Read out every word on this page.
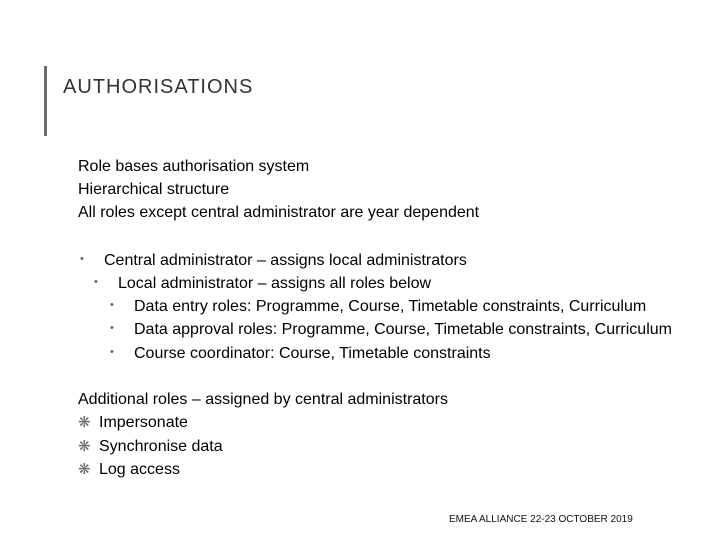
AUTHORISATIONS
Role bases authorisation system
Hierarchical structure
All roles except central administrator are year dependent
• Central administrator – assigns local administrators
• Local administrator – assigns all roles below
• Data entry roles: Programme, Course, Timetable constraints, Curriculum
• Data approval roles: Programme, Course, Timetable constraints, Curriculum
• Course coordinator: Course, Timetable constraints
Additional roles – assigned by central administrators
❋ Impersonate
❋ Synchronise data
❋ Log access
EMEA ALLIANCE 22-23 OCTOBER 2019
